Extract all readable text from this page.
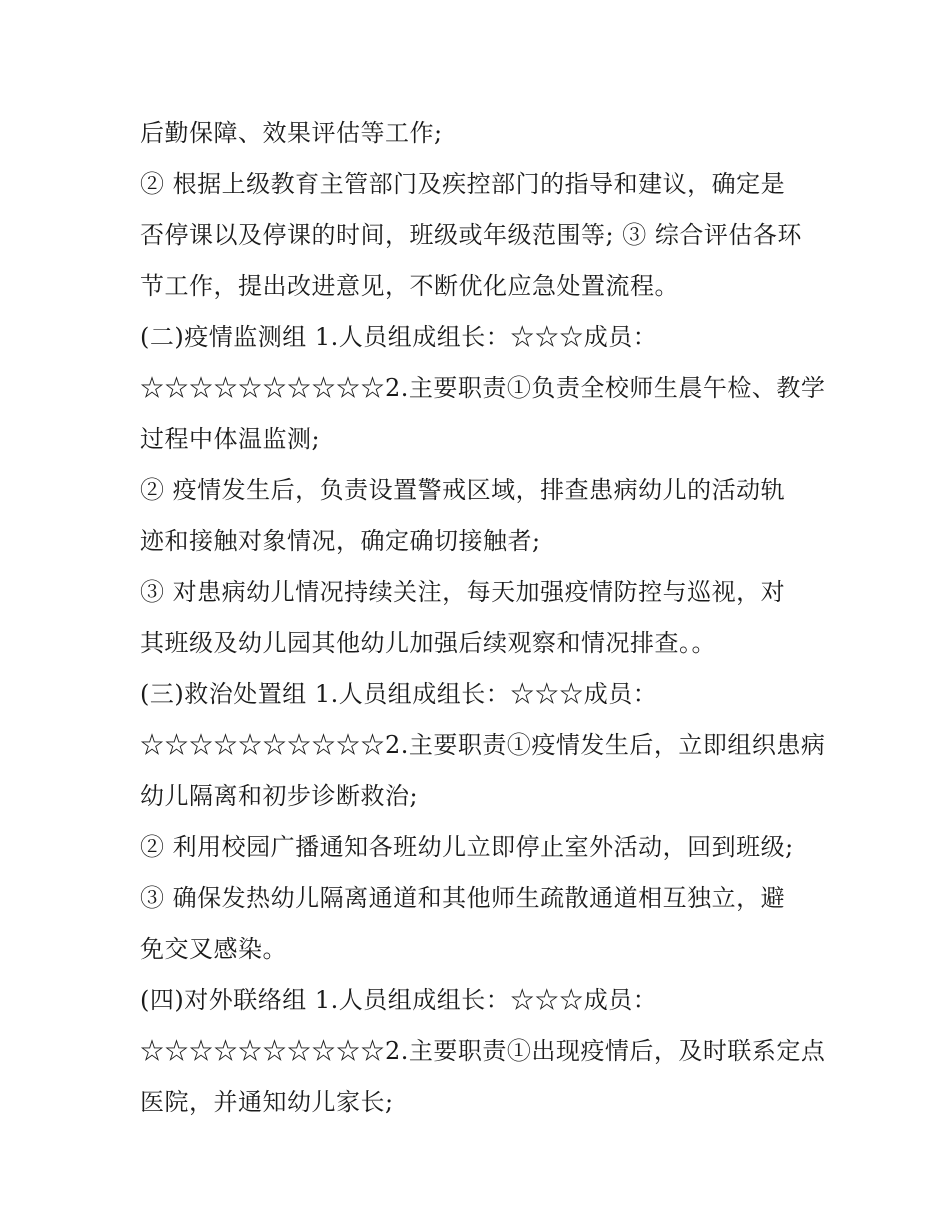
后勤保障、效果评估等工作;
② 根据上级教育主管部门及疾控部门的指导和建议，确定是
否停课以及停课的时间，班级或年级范围等; ③ 综合评估各环
节工作，提出改进意见，不断优化应急处置流程。
(二)疫情监测组 1.人员组成组长：☆☆☆成员：
☆☆☆☆☆☆☆☆☆☆2.主要职责①负责全校师生晨午检、教学
过程中体温监测;
② 疫情发生后，负责设置警戒区域，排查患病幼儿的活动轨
迹和接触对象情况，确定确切接触者;
③ 对患病幼儿情况持续关注，每天加强疫情防控与巡视，对
其班级及幼儿园其他幼儿加强后续观察和情况排查。。
(三)救治处置组 1.人员组成组长：☆☆☆成员：
☆☆☆☆☆☆☆☆☆☆2.主要职责①疫情发生后，立即组织患病
幼儿隔离和初步诊断救治;
② 利用校园广播通知各班幼儿立即停止室外活动，回到班级;
③ 确保发热幼儿隔离通道和其他师生疏散通道相互独立，避
免交叉感染。
(四)对外联络组 1.人员组成组长：☆☆☆成员：
☆☆☆☆☆☆☆☆☆☆2.主要职责①出现疫情后，及时联系定点
医院，并通知幼儿家长;
